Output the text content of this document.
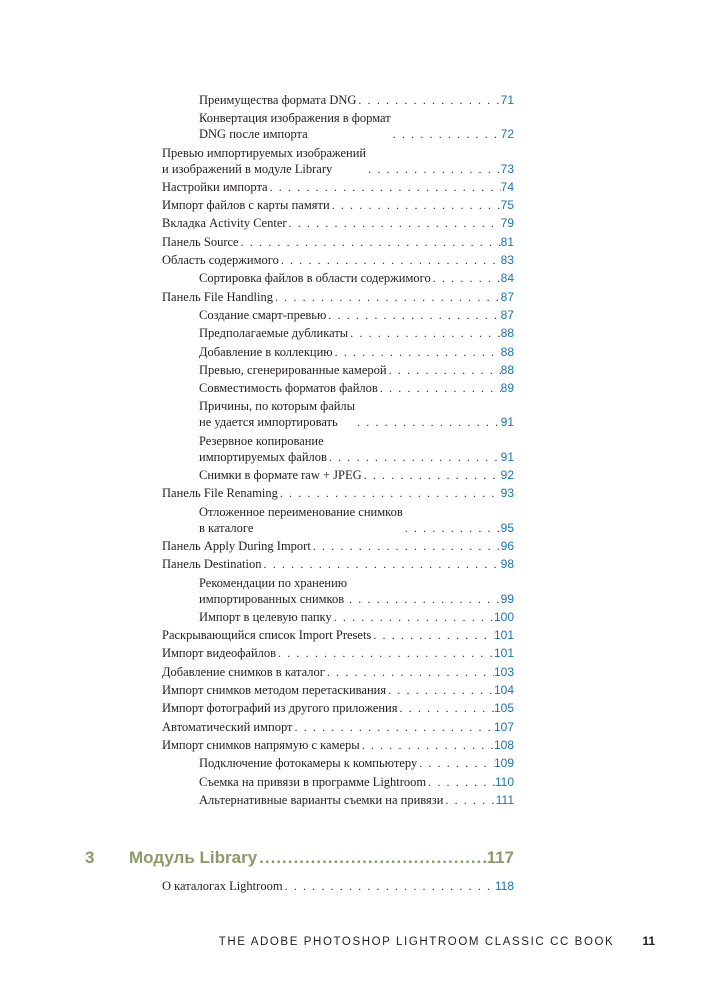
Преимущества формата DNG . . .	71
Конвертация изображения в формат
DNG после импорта . . .	72
Превью импортируемых изображений
и изображений в модуле Library . . .	73
Настройки импорта . . .	74
Импорт файлов с карты памяти . . .	75
Вкладка Activity Center . . .	79
Панель Source . . .	81
Область содержимого . . .	83
Сортировка файлов в области содержимого . . .	84
Панель File Handling . . .	87
Создание смарт-превью . . .	87
Предполагаемые дубликаты . . .	88
Добавление в коллекцию . . .	88
Превью, сгенерированные камерой . . .	88
Совместимость форматов файлов . . .	89
Причины, по которым файлы
не удается импортировать . . .	91
Резервное копирование
импортируемых файлов . . .	91
Снимки в формате raw + JPEG . . .	92
Панель File Renaming . . .	93
Отложенное переименование снимков
в каталоге . . .	95
Панель Apply During Import . . .	96
Панель Destination . . .	98
Рекомендации по хранению
импортированных снимков . . .	99
Импорт в целевую папку . . .	100
Раскрывающийся список Import Presets . . .	101
Импорт видеофайлов . . .	101
Добавление снимков в каталог . . .	103
Импорт снимков методом перетаскивания . . .	104
Импорт фотографий из другого приложения . . .	105
Автоматический импорт . . .	107
Импорт снимков напрямую с камеры . . .	108
Подключение фотокамеры к компьютеру . . .	109
Съемка на привязи в программе Lightroom . . .	110
Альтернативные варианты съемки на привязи . . .	111
3	Модуль Library .....	117
О каталогах Lightroom . . .	118
THE ADOBE PHOTOSHOP LIGHTROOM CLASSIC CC BOOK 11
